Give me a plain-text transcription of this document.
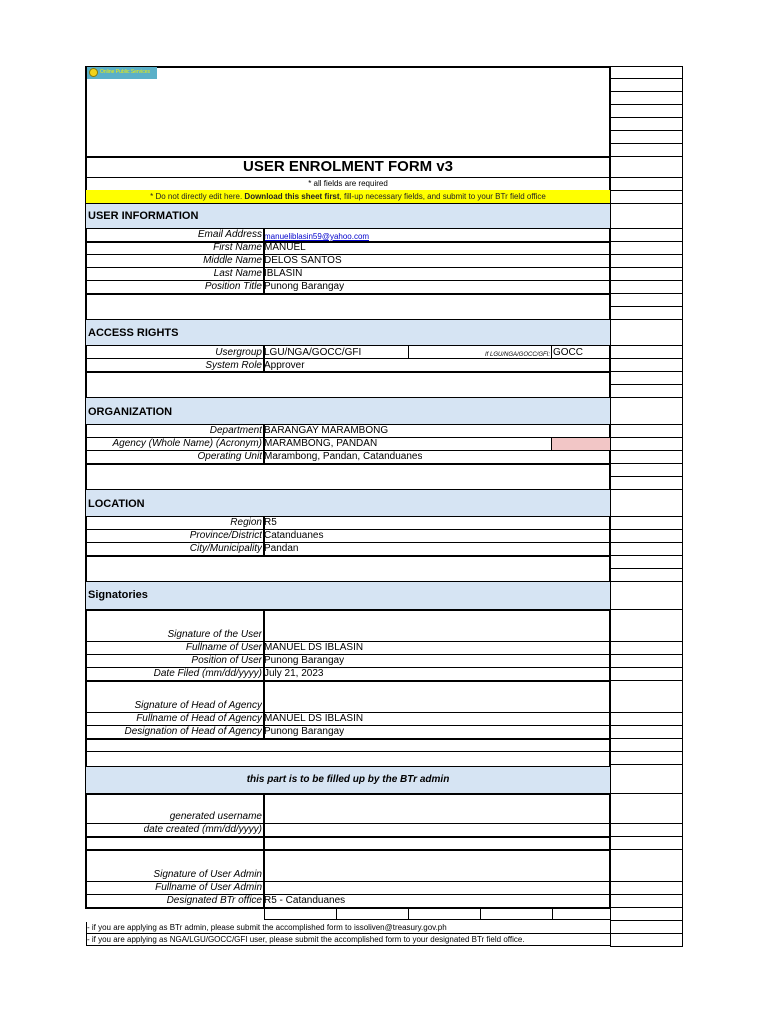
Online Public Services
USER ENROLMENT FORM v3
* all fields are required
* Do not directly edit here. Download this sheet first, fill-up necessary fields, and submit to your BTr field office
USER INFORMATION
Email Address manueliblasin59@yahoo.com
First Name MANUEL
Middle Name DELOS SANTOS
Last Name IBLASIN
Position Title Punong Barangay
ACCESS RIGHTS
Usergroup LGU/NGA/GOCC/GFI	If LGU/NGA/GOCC/GFI: GOCC
System Role Approver
ORGANIZATION
Department BARANGAY MARAMBONG
Agency (Whole Name) (Acronym) MARAMBONG, PANDAN
Operating Unit Marambong, Pandan, Catanduanes
LOCATION
Region R5
Province/District Catanduanes
City/Municipality Pandan
Signatories
Signature of the User
Fullname of User MANUEL DS IBLASIN
Position of User Punong Barangay
Date Filed (mm/dd/yyyy) July 21, 2023
Signature of Head of Agency
Fullname of Head of Agency MANUEL DS IBLASIN
Designation of Head of Agency Punong Barangay
this part is to be filled up by the BTr admin
generated username
date created (mm/dd/yyyy)
Signature of User Admin
Fullname of User Admin
Designated BTr office R5 - Catanduanes
- if you are applying as BTr admin, please submit the accomplished form to issoliven@treasury.gov.ph
- if you are applying as NGA/LGU/GOCC/GFI user, please submit the accomplished form to your designated BTr field office.
